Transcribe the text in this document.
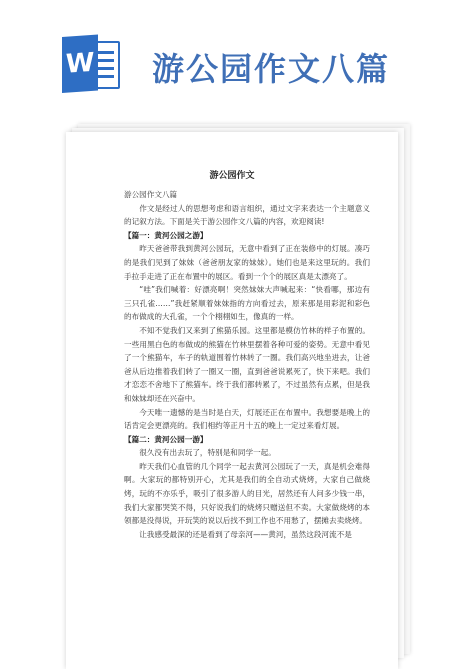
W 游公园作文八篇
游公园作文

游公园作文八篇

作文是经过人的思想考虑和语言组织，通过文字来表达一个主题意义的记叙方法。下面是关于游公园作文八篇的内容，欢迎阅读!

【篇一：黄河公园之游】

昨天爸爸带我到黄河公园玩，无意中看到了正在装修中的灯展。凑巧的是我们见到了妹妹（爸爸朋友家的妹妹）。她们也是来这里玩的。我们手拉手走进了正在布置中的展区。看到一个个的展区真是太漂亮了。

“哇”我们喊着：好漂亮啊！突然妹妹大声喊起来：“快看哪，那边有三只孔雀……”我赶紧顺着妹妹指的方向看过去，原来那是用彩泥和彩色的布做成的大孔雀，一个个栩栩如生，像真的一样。

不知不觉我们又来到了熊猫乐园。这里都是模仿竹林的样子布置的。一些用黑白色的布做成的熊猫在竹林里摆着各种可爱的姿势。无意中看见了一个熊猫车，车子的轨道围着竹林转了一圈。我们高兴地坐进去，让爸爸从后边推着我们转了一圈又一圈，直到爸爸说累死了，快下来吧。我们才恋恋不舍地下了熊猫车。终于我们都转累了，不过虽然有点累，但是我和妹妹却还在兴奋中。

今天唯一遗憾的是当时是白天，灯展还正在布置中。我想要是晚上的话肯定会更漂亮的。我们相约等正月十五的晚上一定过来看灯展。

【篇二：黄河公园一游】

很久没有出去玩了，特别是和同学一起。

昨天我们心血管的几个同学一起去黄河公园玩了一天，真是机会难得啊。大家玩的都特别开心，尤其是我们的全自动式烧烤，大家自己做烧烤，玩的不亦乐乎，吸引了很多游人的目光，居然还有人问多少钱一串，我们大家都哭笑不得，只好说我们的烧烤只赠送但不卖。大家做烧烤的本领都是没得说，开玩笑的说以后找不到工作也不用愁了，摆摊去卖烧烤。

让我感受最深的还是看到了母亲河——黄河，虽然这段河流不是
